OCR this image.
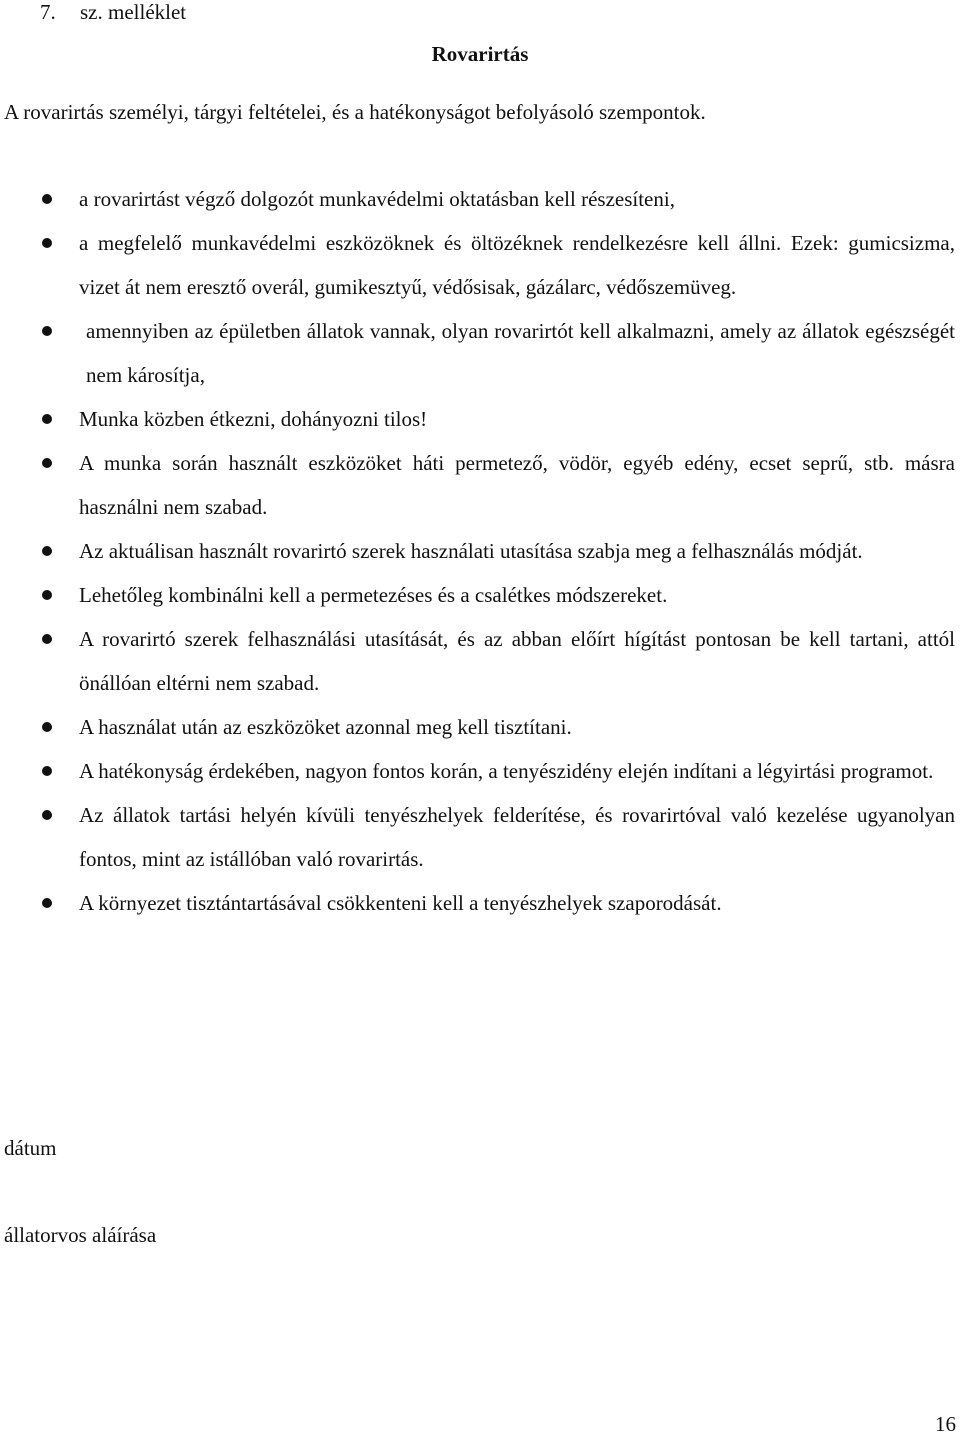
7. sz. melléklet
Rovarirtás
A rovarirtás személyi, tárgyi feltételei, és a hatékonyságot befolyásoló szempontok.
a rovarirtást végző dolgozót munkavédelmi oktatásban kell részesíteni,
a megfelelő munkavédelmi eszközöknek és öltözéknek rendelkezésre kell állni. Ezek: gumicsizma, vizet át nem eresztő overál, gumikesztyű, védősisak, gázálarc, védőszemüveg.
amennyiben az épületben állatok vannak, olyan rovarirtót kell alkalmazni, amely az állatok egészségét nem károsítja,
Munka közben étkezni, dohányozni tilos!
A munka során használt eszközöket háti permetező, vödör, egyéb edény, ecset seprű, stb. másra használni nem szabad.
Az aktuálisan használt rovarirtó szerek használati utasítása szabja meg a felhasználás módját.
Lehetőleg kombinálni kell a permetezéses és a csalétkes módszereket.
A rovarirtó szerek felhasználási utasítását, és az abban előírt hígítást pontosan be kell tartani, attól önállóan eltérni nem szabad.
A használat után az eszközöket azonnal meg kell tisztítani.
A hatékonyság érdekében, nagyon fontos korán, a tenyészidény elején indítani a légyirtási programot.
Az állatok tartási helyén kívüli tenyészhelyek felderítése, és rovarirtóval való kezelése ugyanolyan fontos, mint az istállóban való rovarirtás.
A környezet tisztántartásával csökkenteni kell a tenyészhelyek szaporodását.
dátum
állatorvos aláírása
16
